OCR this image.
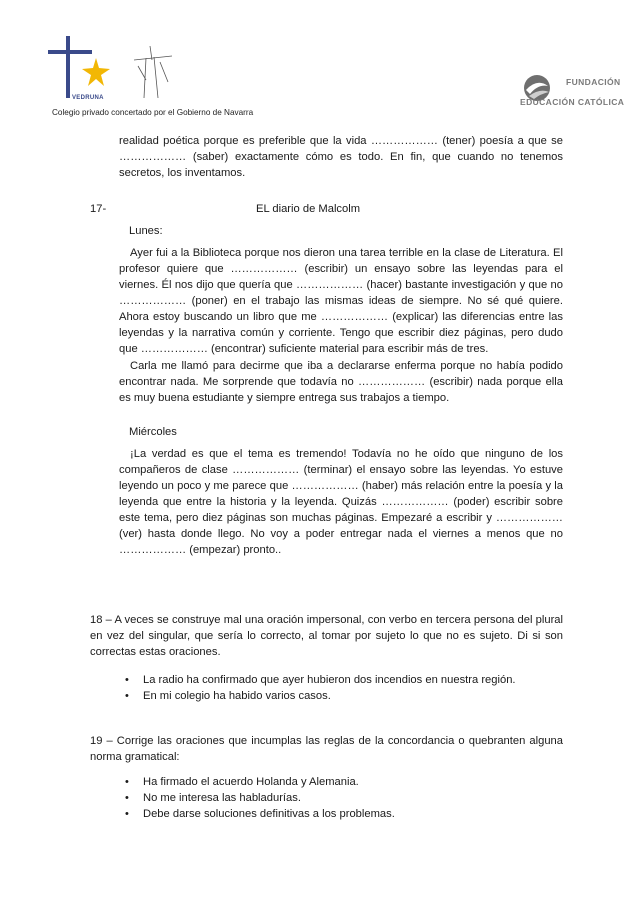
VEDRUNA
Colegio privado concertado por el Gobierno de Navarra
FUNDACIÓN
EDUCACIÓN CATÓLICA

realidad poética porque es preferible que la vida ……………… (tener) poesía a que se ……………… (saber) exactamente cómo es todo. En fin, que cuando no tenemos secretos, los inventamos.

17-	EL diario de Malcolm
Lunes:

Ayer fui a la Biblioteca porque nos dieron una tarea terrible en la clase de Literatura. El profesor quiere que ……………… (escribir) un ensayo sobre las leyendas para el viernes. Él nos dijo que quería que ……………… (hacer) bastante investigación y que no ……………… (poner) en el trabajo las mismas ideas de siempre. No sé qué quiere. Ahora estoy buscando un libro que me ……………… (explicar) las diferencias entre las leyendas y la narrativa común y corriente. Tengo que escribir diez páginas, pero dudo que ……………… (encontrar) suficiente material para escribir más de tres.

Carla me llamó para decirme que iba a declararse enferma porque no había podido encontrar nada. Me sorprende que todavía no ……………… (escribir) nada porque ella es muy buena estudiante y siempre entrega sus trabajos a tiempo.

Miércoles

¡La verdad es que el tema es tremendo! Todavía no he oído que ninguno de los compañeros de clase ……………… (terminar) el ensayo sobre las leyendas. Yo estuve leyendo un poco y me parece que ……………… (haber) más relación entre la poesía y la leyenda que entre la historia y la leyenda. Quizás ……………… (poder) escribir sobre este tema, pero diez páginas son muchas páginas. Empezaré a escribir y ………………(ver) hasta donde llego. No voy a poder entregar nada el viernes a menos que no ……………… (empezar) pronto..

18 – A veces se construye mal una oración impersonal, con verbo en tercera persona del plural en vez del singular, que sería lo correcto, al tomar por sujeto lo que no es sujeto. Di si son correctas estas oraciones.

• La radio ha confirmado que ayer hubieron dos incendios en nuestra región.
• En mi colegio ha habido varios casos.

19 – Corrige las oraciones que incumplas las reglas de la concordancia o quebranten alguna norma gramatical:

• Ha firmado el acuerdo Holanda y Alemania.
• No me interesa las habladurías.
• Debe darse soluciones definitivas a los problemas.
